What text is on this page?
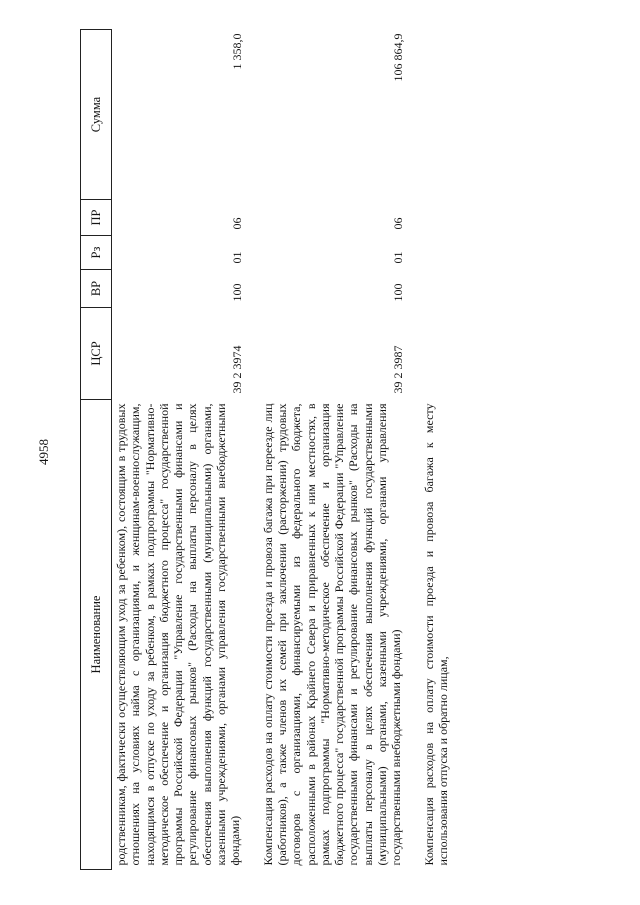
4958
Наименование	ЦСР	ВР	Рз	ПР	Сумма
родственникам, фактически осуществляющим уход за ребенком), состоящим в трудовых отношениях на условиях найма с организациями, и женщинам-военнослужащим, находящимся в отпуске по уходу за ребенком, в рамках подпрограммы "Нормативно-методическое обеспечение и организация бюджетного процесса" государственной программы Российской Федерации "Управление государственными финансами и регулирование финансовых рынков" (Расходы на выплаты персоналу в целях обеспечения выполнения функций государственными (муниципальными) органами, казенными учреждениями, органами управления государственными внебюджетными фондами)	39 2 3974	100	01	06	1 358,0

Компенсация расходов на оплату стоимости проезда и провоза багажа при переезде лиц (работников), а также членов их семей при заключении (расторжении) трудовых договоров с организациями, финансируемыми из федерального бюджета, расположенными в районах Крайнего Севера и приравненных к ним местностях, в рамках подпрограммы "Нормативно-методическое обеспечение и организация бюджетного процесса" государственной программы Российской Федерации "Управление государственными финансами и регулирование финансовых рынков" (Расходы на выплаты персоналу в целях обеспечения выполнения функций государственными (муниципальными) органами, казенными учреждениями, органами управления государственными внебюджетными фондами)	39 2 3987	100	01	06	106 864,9

Компенсация расходов на оплату стоимости проезда и провоза багажа к месту использования отпуска и обратно лицам,					
